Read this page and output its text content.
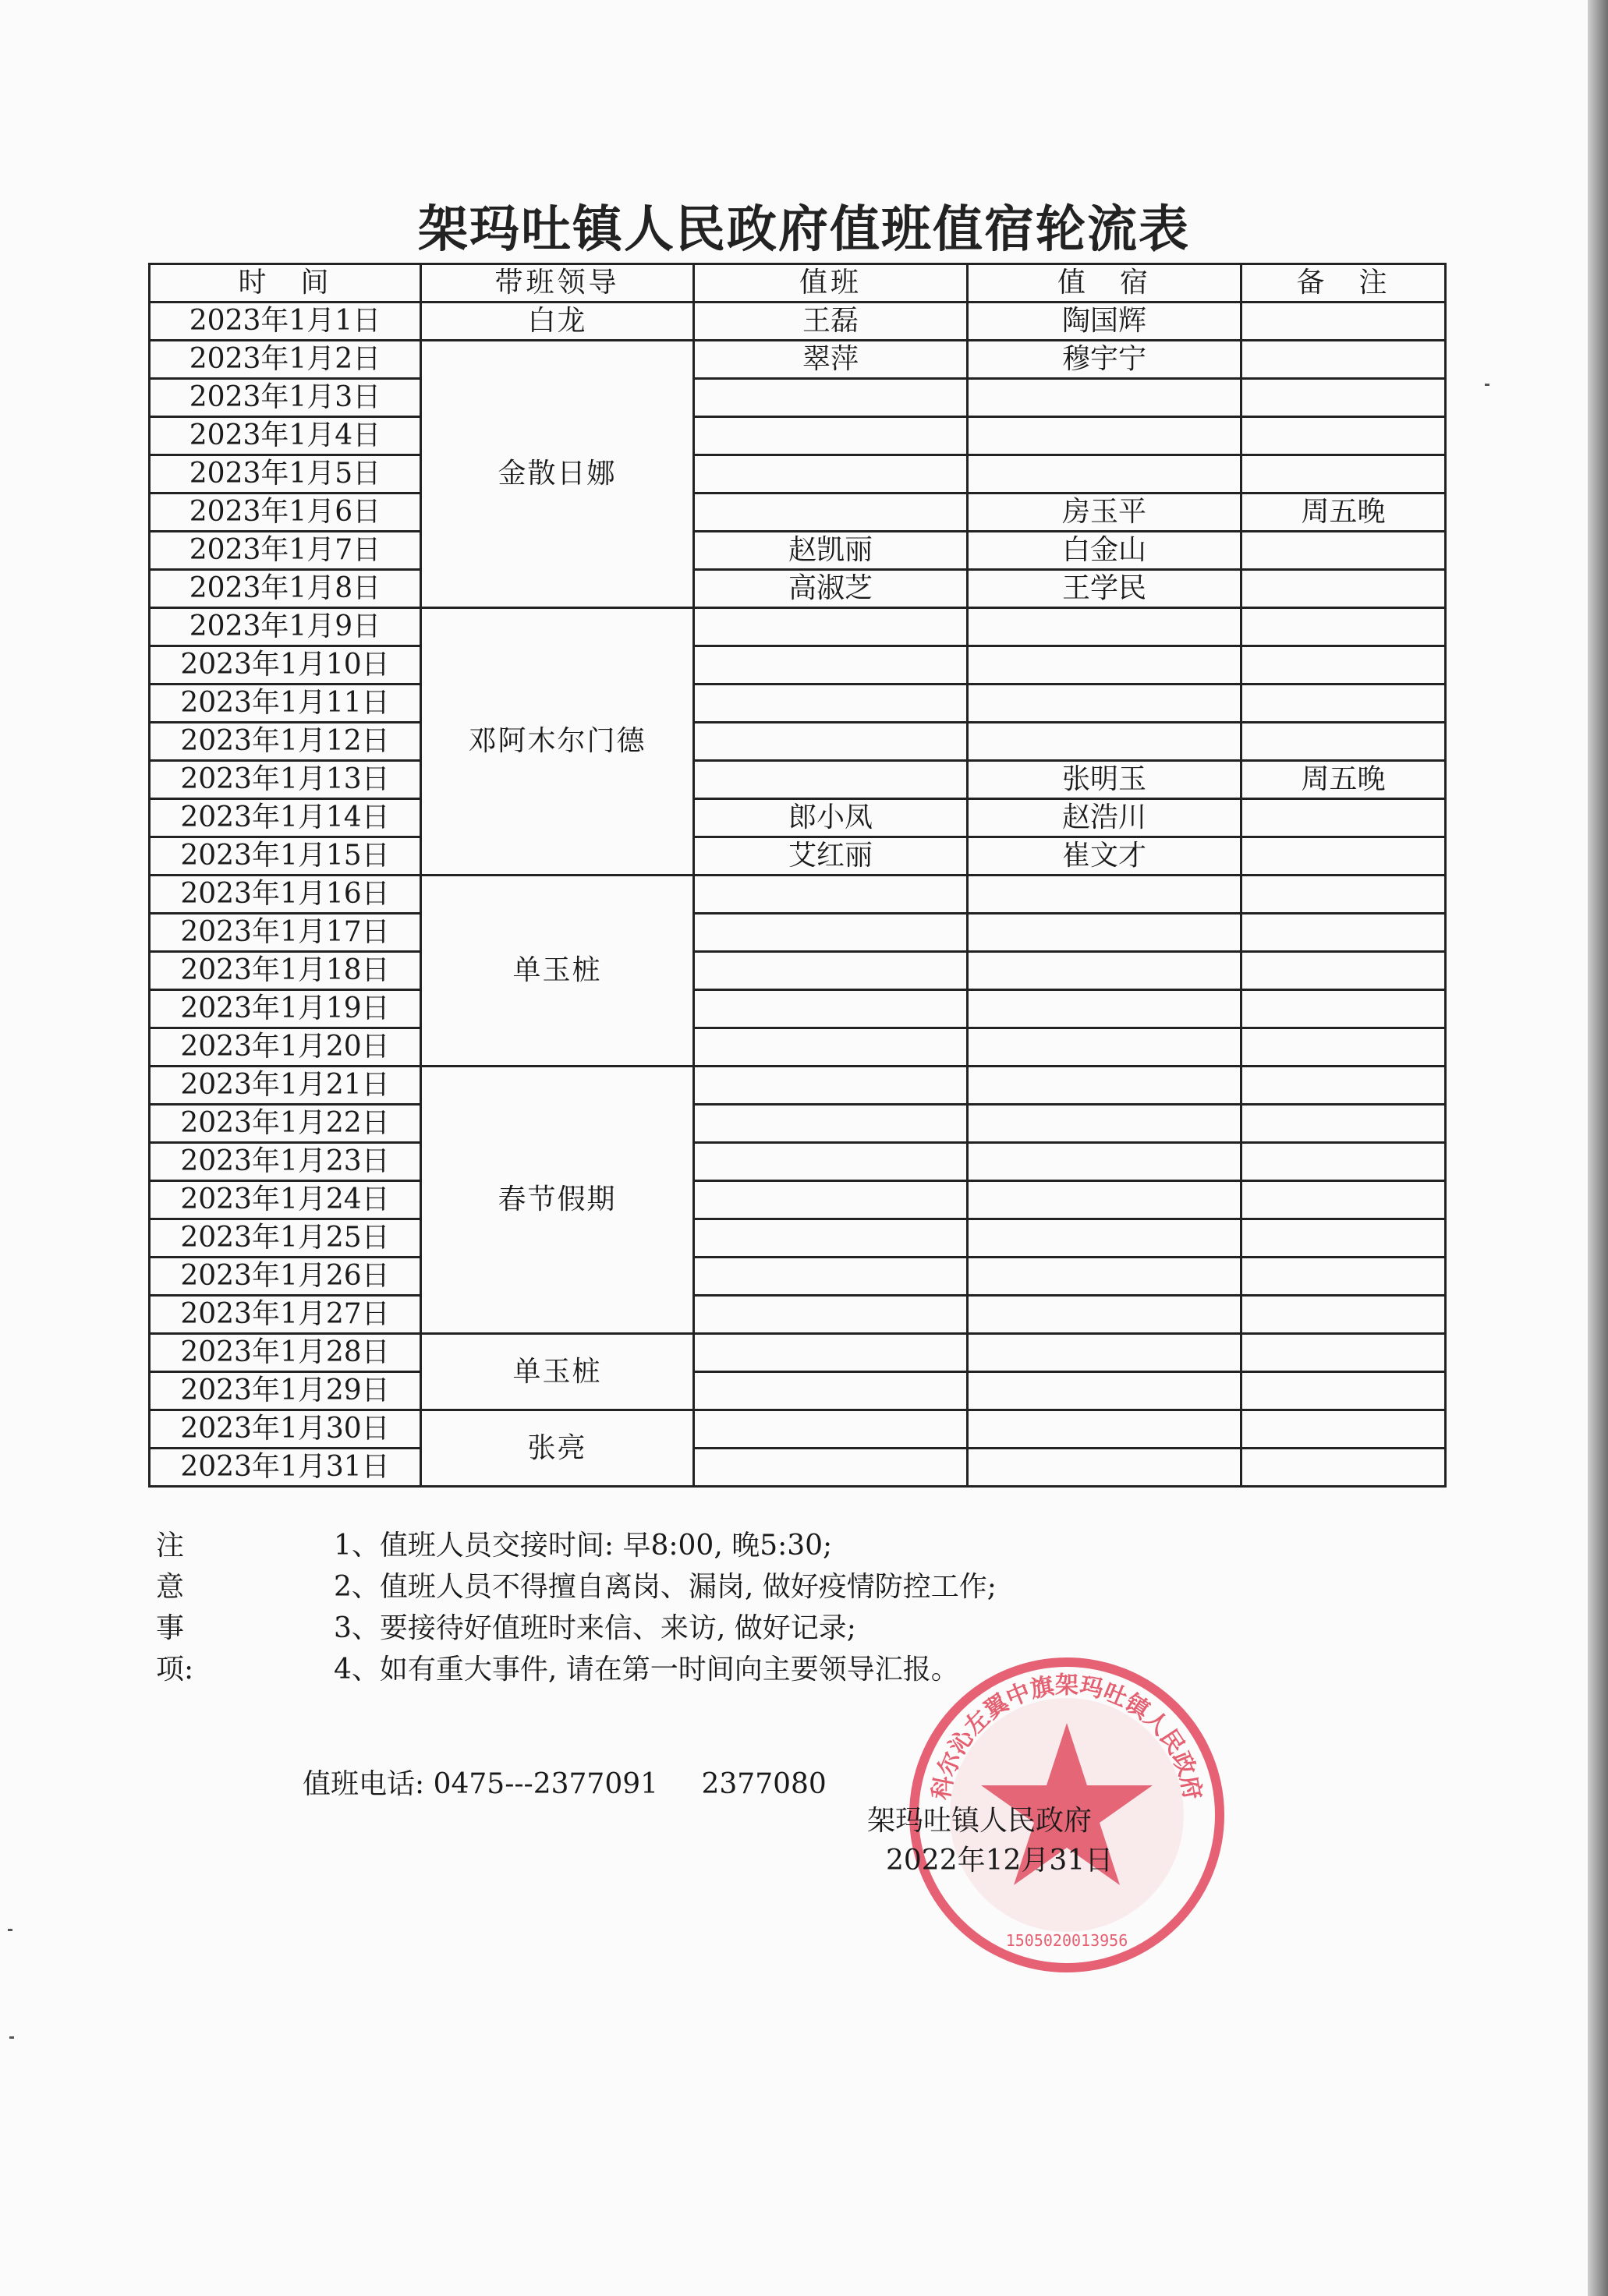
架玛吐镇人民政府值班值宿轮流表
时　间	带班领导	值班	值　宿	备　注
2023年1月1日	白龙	王磊	陶国辉	
2023年1月2日	金散日娜	翠萍	穆宇宁	
2023年1月3日				
2023年1月4日				
2023年1月5日				
2023年1月6日			房玉平	周五晚
2023年1月7日		赵凯丽	白金山	
2023年1月8日		高淑芝	王学民	
2023年1月9日	邓阿木尔门德			
2023年1月10日				
2023年1月11日				
2023年1月12日				
2023年1月13日			张明玉	周五晚
2023年1月14日		郎小凤	赵浩川	
2023年1月15日		艾红丽	崔文才	
2023年1月16日	单玉桩			
2023年1月17日				
2023年1月18日				
2023年1月19日				
2023年1月20日				
2023年1月21日	春节假期			
2023年1月22日				
2023年1月23日				
2023年1月24日				
2023年1月25日				
2023年1月26日				
2023年1月27日				
2023年1月28日	单玉桩			
2023年1月29日				
2023年1月30日	张亮			
2023年1月31日				
注意事项:
1、值班人员交接时间: 早8:00, 晚5:30;
2、值班人员不得擅自离岗、漏岗, 做好疫情防控工作;
3、要接待好值班时来信、来访, 做好记录;
4、如有重大事件, 请在第一时间向主要领导汇报。
值班电话: 0475---2377091 2377080	科尔沁左翼中旗架玛吐镇人民政府
1505020013956
架玛吐镇人民政府
2022年12月31日
